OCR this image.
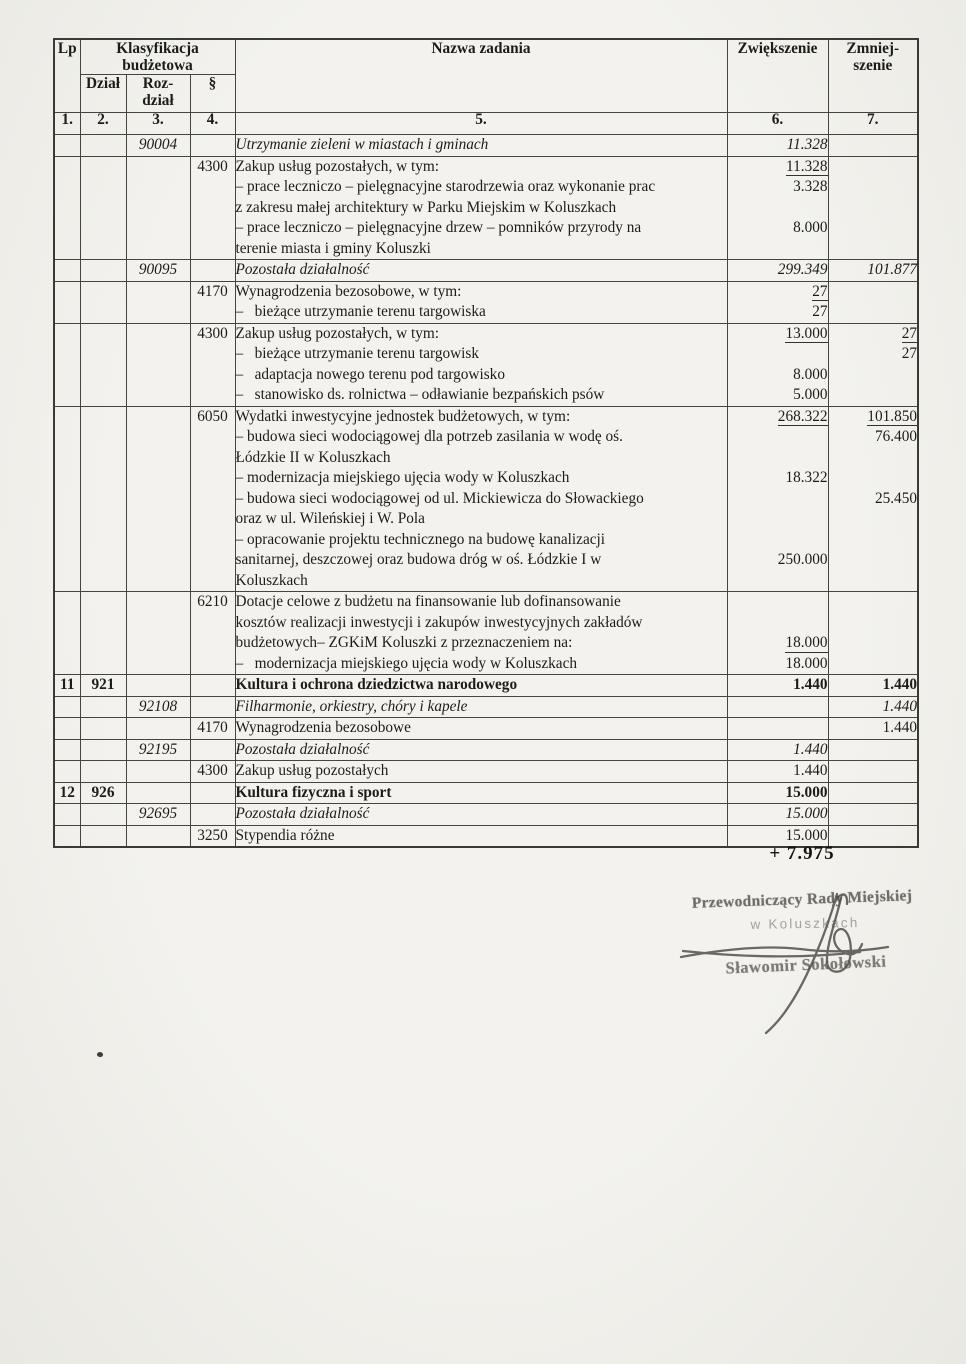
Lp	Klasyfikacja budżetowa			Nazwa zadania	Zwiększenie	Zmniej-
szenie

	Dział	Roz-
dział	§			
1.	2.	3.	4.	5.	6.	7.
		90004		Utrzymanie zieleni w miastach i gminach	11.328	
			4300	Zakup usług pozostałych, w tym:	11.328	
				– prace leczniczo – pielęgnacyjne starodrzewia oraz wykonanie prac	3.328	
				z zakresu małej architektury w Parku Miejskim w Koluszkach		
				– prace leczniczo – pielęgnacyjne drzew – pomników przyrody na	8.000	
				terenie miasta i gminy Koluszki		
		90095		Pozostała działalność	299.349	101.877
			4170	Wynagrodzenia bezosobowe, w tym:	27	
				–   bieżące utrzymanie terenu targowiska	27	
			4300	Zakup usług pozostałych, w tym:	13.000	27
				–   bieżące utrzymanie terenu targowisk		27
				–   adaptacja nowego terenu pod targowisko	8.000	
				–   stanowisko ds. rolnictwa – odławianie bezpańskich psów	5.000	
			6050	Wydatki inwestycyjne jednostek budżetowych, w tym:	268.322	101.850
				– budowa sieci wodociągowej dla potrzeb zasilania w wodę oś.		76.400
				Łódzkie II w Koluszkach		
				– modernizacja miejskiego ujęcia wody w Koluszkach	18.322	
				– budowa sieci wodociągowej od ul. Mickiewicza do Słowackiego		25.450
				oraz w ul. Wileńskiej i W. Pola		
				– opracowanie projektu technicznego na budowę kanalizacji		
				sanitarnej, deszczowej oraz budowa dróg w oś. Łódzkie I w	250.000	
				Koluszkach		
			6210	Dotacje celowe z budżetu na finansowanie lub dofinansowanie		
				kosztów realizacji inwestycji i zakupów inwestycyjnych zakładów		
				budżetowych– ZGKiM Koluszki z przeznaczeniem na:	18.000	
				–   modernizacja miejskiego ujęcia wody w Koluszkach	18.000	
11	921			Kultura i ochrona dziedzictwa narodowego	1.440	1.440
		92108		Filharmonie, orkiestry, chóry i kapele		1.440
			4170	Wynagrodzenia bezosobowe		1.440
		92195		Pozostała działalność	1.440	
			4300	Zakup usług pozostałych	1.440	
12	926			Kultura fizyczna i sport	15.000	
		92695		Pozostała działalność	15.000	
			3250	Stypendia różne	15.000	
+ 7.975
Przewodniczący Rady Miejskiej
w Koluszkach
Sławomir Sokołowski
